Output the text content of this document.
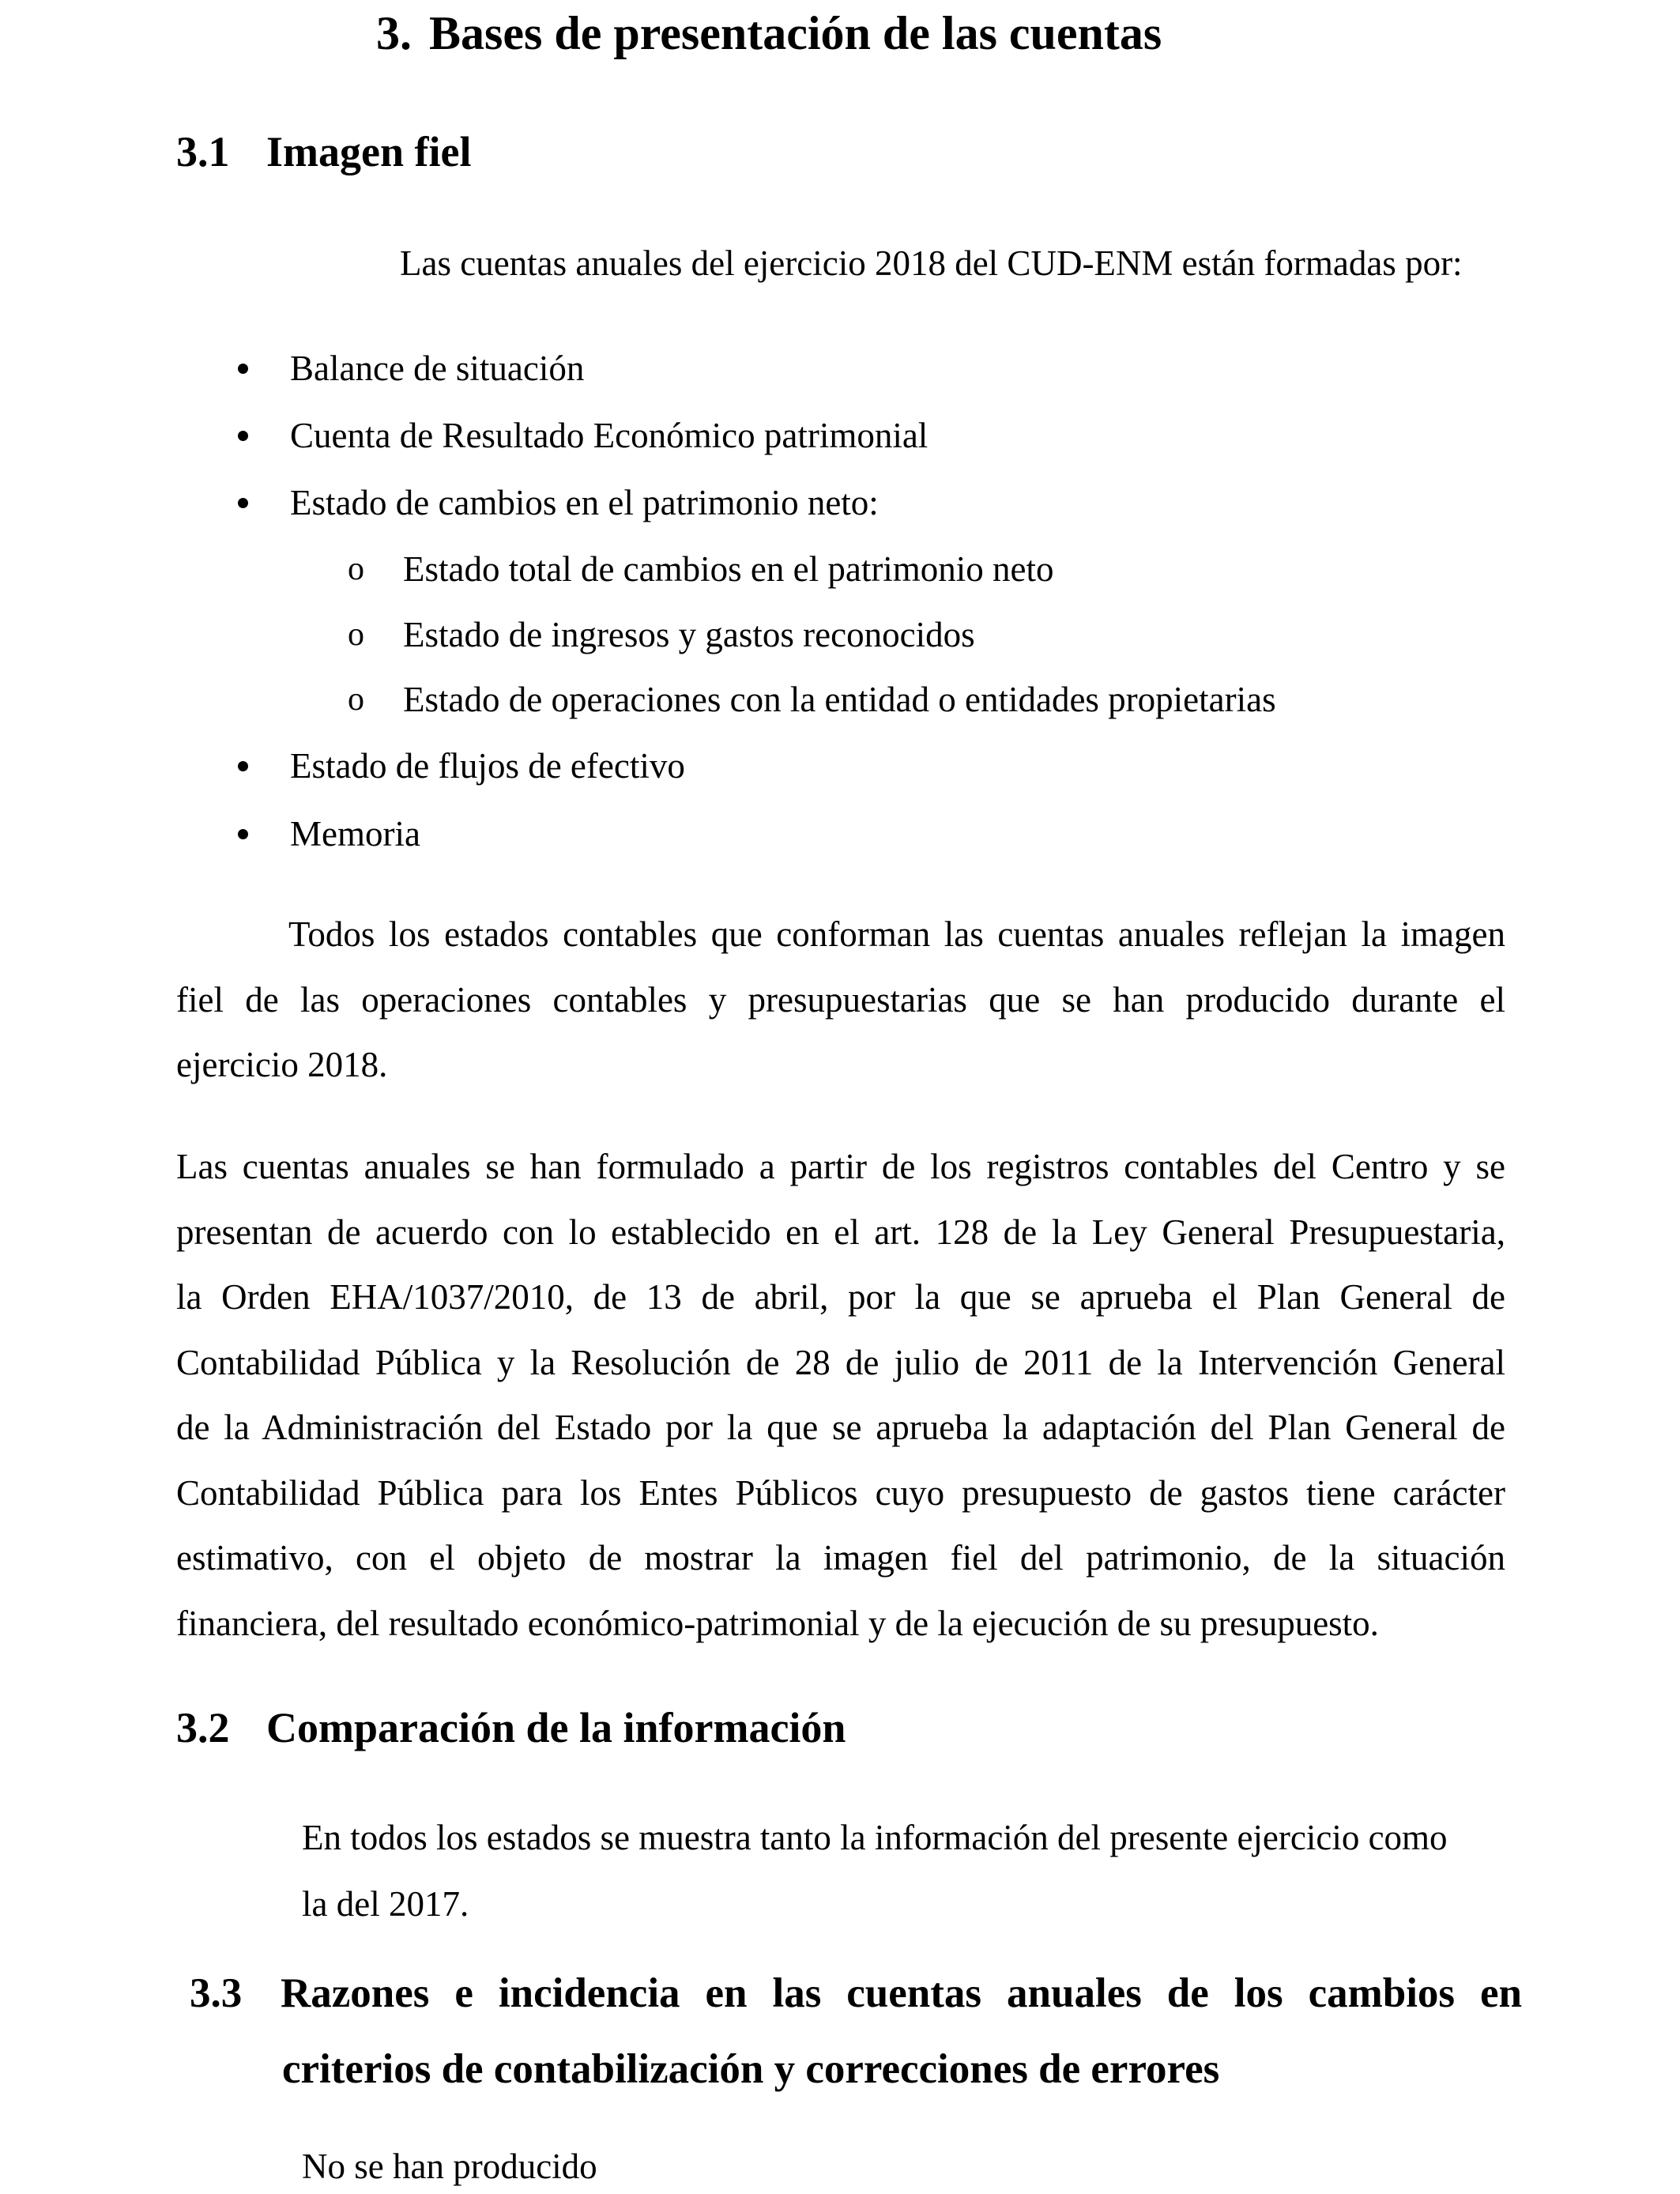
3. Bases de presentación de las cuentas
3.1 Imagen fiel
Las cuentas anuales del ejercicio 2018 del CUD-ENM están formadas por:
Balance de situación
Cuenta de Resultado Económico patrimonial
Estado de cambios en el patrimonio neto:
o Estado total de cambios en el patrimonio neto
o Estado de ingresos y gastos reconocidos
o Estado de operaciones con la entidad o entidades propietarias
Estado de flujos de efectivo
Memoria
Todos los estados contables que conforman las cuentas anuales reflejan la imagen
fiel de las operaciones contables y presupuestarias que se han producido durante el
ejercicio 2018.
Las cuentas anuales se han formulado a partir de los registros contables del Centro y se
presentan de acuerdo con lo establecido en el art. 128 de la Ley General Presupuestaria,
la Orden EHA/1037/2010, de 13 de abril, por la que se aprueba el Plan General de
Contabilidad Pública y la Resolución de 28 de julio de 2011 de la Intervención General
de la Administración del Estado por la que se aprueba la adaptación del Plan General de
Contabilidad Pública para los Entes Públicos cuyo presupuesto de gastos tiene carácter
estimativo, con el objeto de mostrar la imagen fiel del patrimonio, de la situación
financiera, del resultado económico-patrimonial y de la ejecución de su presupuesto.
3.2 Comparación de la información
En todos los estados se muestra tanto la información del presente ejercicio como
la del 2017.
3.3 Razones e incidencia en las cuentas anuales de los cambios en
criterios de contabilización y correcciones de errores
No se han producido
